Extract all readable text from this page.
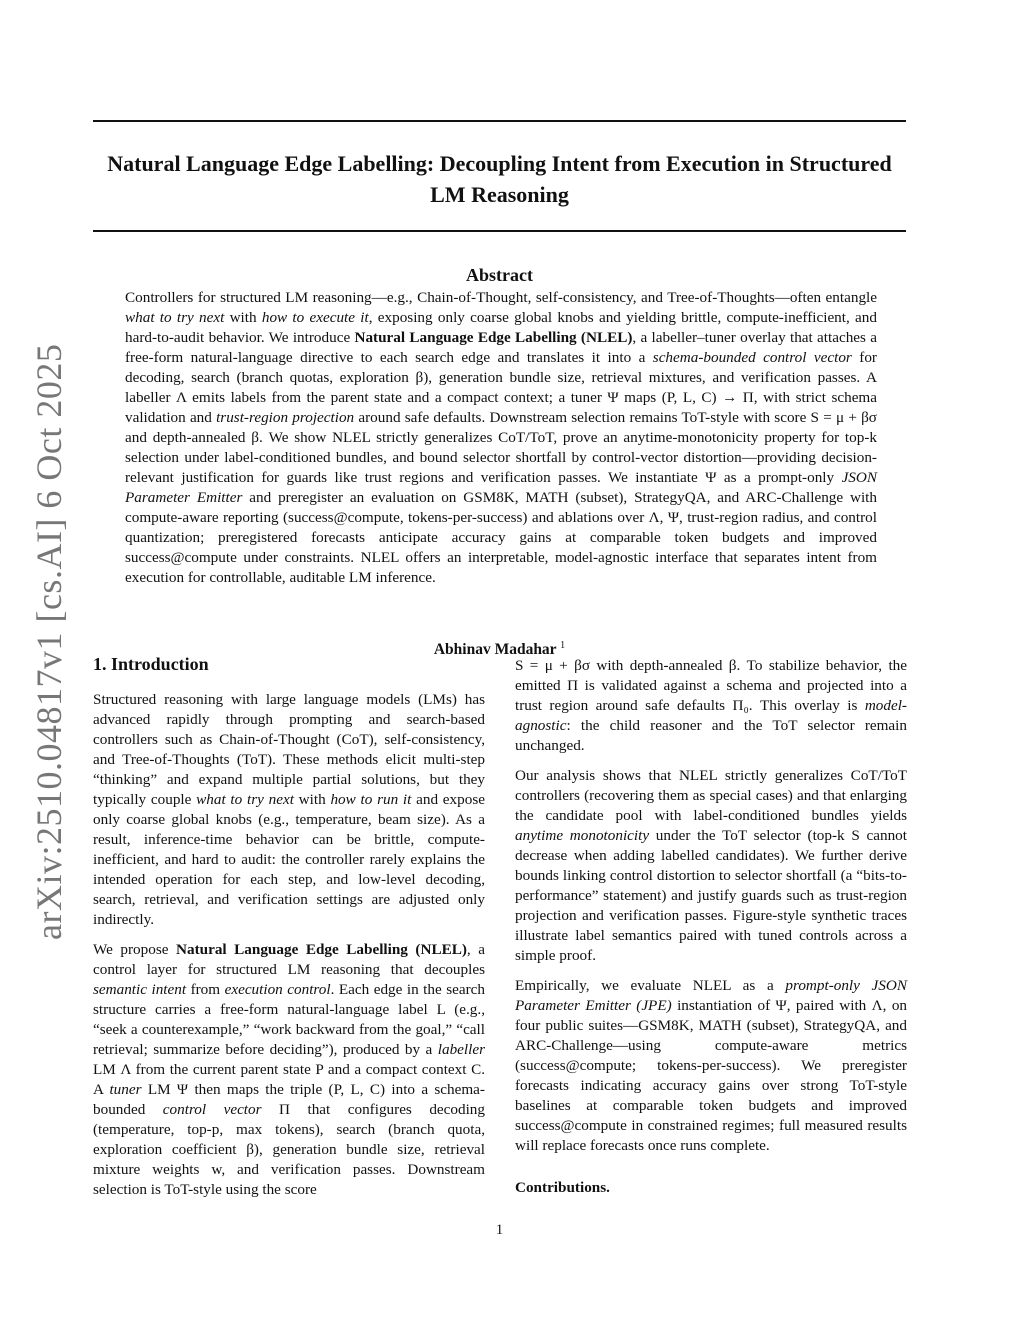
arXiv:2510.04817v1 [cs.AI] 6 Oct 2025
Natural Language Edge Labelling: Decoupling Intent from Execution in Structured LM Reasoning
Abstract
Controllers for structured LM reasoning—e.g., Chain-of-Thought, self-consistency, and Tree-of-Thoughts—often entangle what to try next with how to execute it, exposing only coarse global knobs and yielding brittle, compute-inefficient, and hard-to-audit behavior. We introduce Natural Language Edge Labelling (NLEL), a labeller–tuner overlay that attaches a free-form natural-language directive to each search edge and translates it into a schema-bounded control vector for decoding, search (branch quotas, exploration β), generation bundle size, retrieval mixtures, and verification passes. A labeller Λ emits labels from the parent state and a compact context; a tuner Ψ maps (P, L, C) → Π, with strict schema validation and trust-region projection around safe defaults. Downstream selection remains ToT-style with score S = μ + βσ and depth-annealed β. We show NLEL strictly generalizes CoT/ToT, prove an anytime-monotonicity property for top-k selection under label-conditioned bundles, and bound selector shortfall by control-vector distortion—providing decision-relevant justification for guards like trust regions and verification passes. We instantiate Ψ as a prompt-only JSON Parameter Emitter and preregister an evaluation on GSM8K, MATH (subset), StrategyQA, and ARC-Challenge with compute-aware reporting (success@compute, tokens-per-success) and ablations over Λ, Ψ, trust-region radius, and control quantization; preregistered forecasts anticipate accuracy gains at comparable token budgets and improved success@compute under constraints. NLEL offers an interpretable, model-agnostic interface that separates intent from execution for controllable, auditable LM inference.
Abhinav Madahar $^1$
1. Introduction

Structured reasoning with large language models (LMs) has advanced rapidly through prompting and search-based controllers such as Chain-of-Thought (CoT), self-consistency, and Tree-of-Thoughts (ToT). These methods elicit multi-step “thinking” and expand multiple partial solutions, but they typically couple what to try next with how to run it and expose only coarse global knobs (e.g., temperature, beam size). As a result, inference-time behavior can be brittle, compute-inefficient, and hard to audit: the controller rarely explains the intended operation for each step, and low-level decoding, search, retrieval, and verification settings are adjusted only indirectly.

We propose Natural Language Edge Labelling (NLEL), a control layer for structured LM reasoning that decouples semantic intent from execution control. Each edge in the search structure carries a free-form natural-language label L (e.g., “seek a counterexample,” “work backward from the goal,” “call retrieval; summarize before deciding”), produced by a labeller LM Λ from the current parent state P and a compact context C. A tuner LM Ψ then maps the triple (P, L, C) into a schema-bounded control vector Π that configures decoding (temperature, top-p, max tokens), search (branch quota, exploration coefficient β), generation bundle size, retrieval mixture weights w, and verification passes. Downstream selection is ToT-style using the score

S = μ + βσ with depth-annealed β. To stabilize behavior, the emitted Π is validated against a schema and projected into a trust region around safe defaults Π₀. This overlay is model-agnostic: the child reasoner and the ToT selector remain unchanged.

Our analysis shows that NLEL strictly generalizes CoT/ToT controllers (recovering them as special cases) and that enlarging the candidate pool with label-conditioned bundles yields anytime monotonicity under the ToT selector (top-k S cannot decrease when adding labelled candidates). We further derive bounds linking control distortion to selector shortfall (a “bits-to-performance” statement) and justify guards such as trust-region projection and verification passes. Figure-style synthetic traces illustrate label semantics paired with tuned controls across a simple proof.

Empirically, we evaluate NLEL as a prompt-only JSON Parameter Emitter (JPE) instantiation of Ψ, paired with Λ, on four public suites—GSM8K, MATH (subset), StrategyQA, and ARC-Challenge—using compute-aware metrics (success@compute; tokens-per-success). We preregister forecasts indicating accuracy gains over strong ToT-style baselines at comparable token budgets and improved success@compute in constrained regimes; full measured results will replace forecasts once runs complete.

Contributions.
1
